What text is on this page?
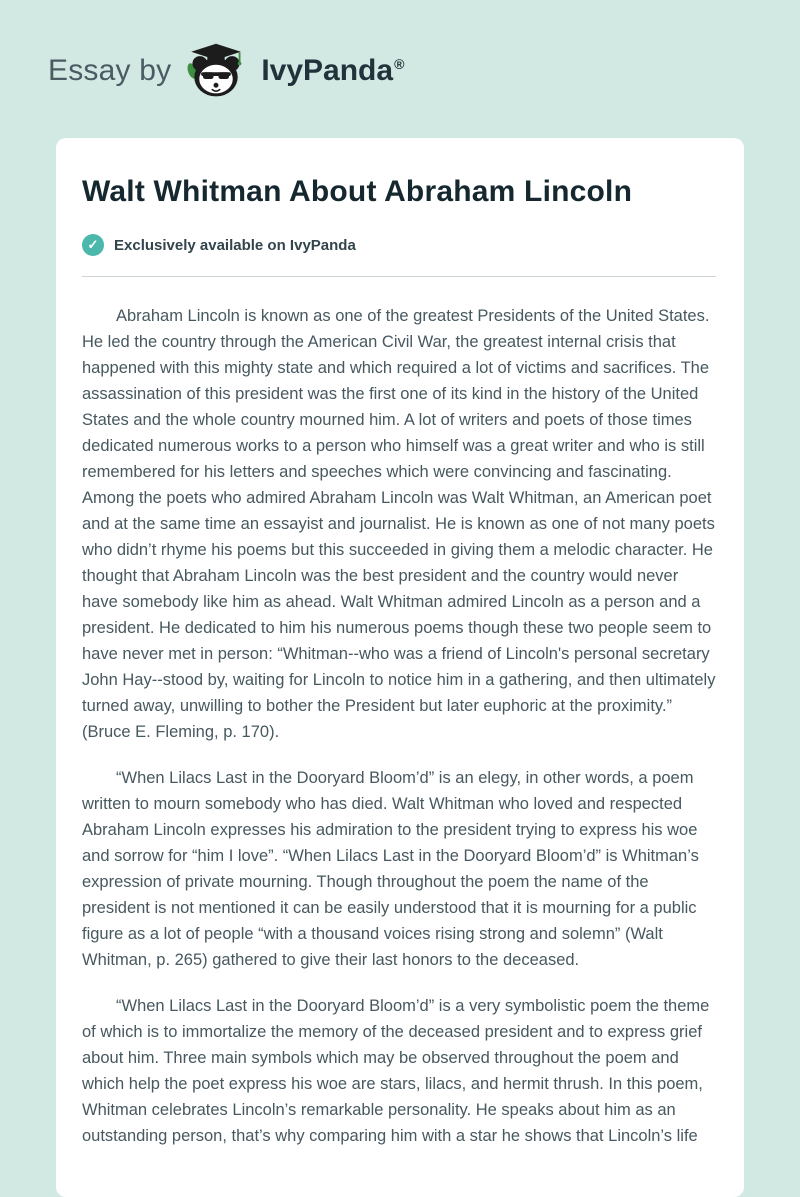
Essay by	IvyPanda®
Walt Whitman About Abraham Lincoln
✓	Exclusively available on IvyPanda

Abraham Lincoln is known as one of the greatest Presidents of the United States. He led the country through the American Civil War, the greatest internal crisis that happened with this mighty state and which required a lot of victims and sacrifices. The assassination of this president was the first one of its kind in the history of the United States and the whole country mourned him. A lot of writers and poets of those times dedicated numerous works to a person who himself was a great writer and who is still remembered for his letters and speeches which were convincing and fascinating. Among the poets who admired Abraham Lincoln was Walt Whitman, an American poet and at the same time an essayist and journalist. He is known as one of not many poets who didn’t rhyme his poems but this succeeded in giving them a melodic character. He thought that Abraham Lincoln was the best president and the country would never have somebody like him as ahead. Walt Whitman admired Lincoln as a person and a president. He dedicated to him his numerous poems though these two people seem to have never met in person: “Whitman--who was a friend of Lincoln's personal secretary John Hay--stood by, waiting for Lincoln to notice him in a gathering, and then ultimately turned away, unwilling to bother the President but later euphoric at the proximity.” (Bruce E. Fleming, p. 170).

“When Lilacs Last in the Dooryard Bloom’d” is an elegy, in other words, a poem written to mourn somebody who has died. Walt Whitman who loved and respected Abraham Lincoln expresses his admiration to the president trying to express his woe and sorrow for “him I love”. “When Lilacs Last in the Dooryard Bloom’d” is Whitman’s expression of private mourning. Though throughout the poem the name of the president is not mentioned it can be easily understood that it is mourning for a public figure as a lot of people “with a thousand voices rising strong and solemn” (Walt Whitman, p. 265) gathered to give their last honors to the deceased.

“When Lilacs Last in the Dooryard Bloom’d” is a very symbolistic poem the theme of which is to immortalize the memory of the deceased president and to express grief about him. Three main symbols which may be observed throughout the poem and which help the poet express his woe are stars, lilacs, and hermit thrush. In this poem, Whitman celebrates Lincoln’s remarkable personality. He speaks about him as an outstanding person, that’s why comparing him with a star he shows that Lincoln’s life
